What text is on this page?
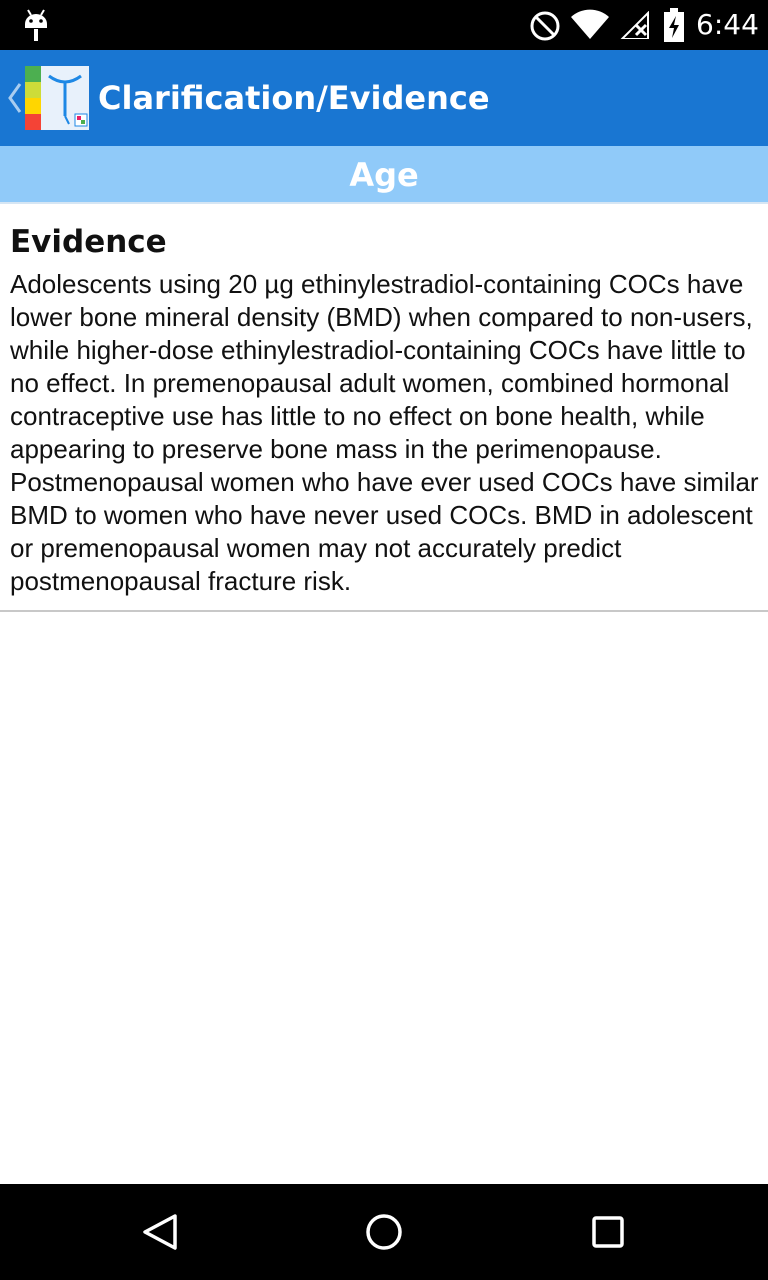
6:44
Clarification/Evidence
Age
Evidence
Adolescents using 20 µg ethinylestradiol-containing COCs have lower bone mineral density (BMD) when compared to non-users, while higher-dose ethinylestradiol-containing COCs have little to no effect. In premenopausal adult women, combined hormonal contraceptive use has little to no effect on bone health, while appearing to preserve bone mass in the perimenopause. Postmenopausal women who have ever used COCs have similar BMD to women who have never used COCs. BMD in adolescent or premenopausal women may not accurately predict postmenopausal fracture risk.
